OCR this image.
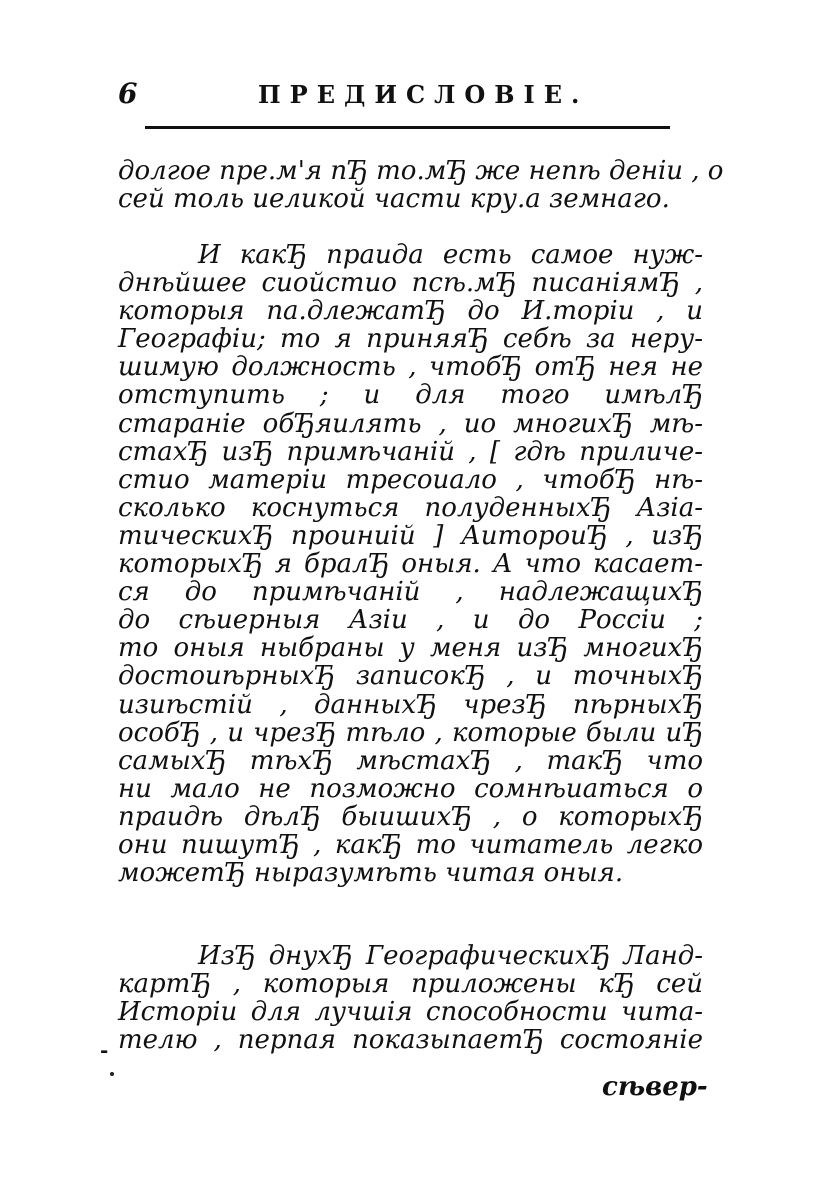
6	ПРЕДИСЛОВІЕ.
долгое пре.м'я пЂ то.мЂ же непѣ деніи , о
сей толь иеликой части кру.а земнаго.
И какЂ праида есть самое нуж-
днѣйшее сиойстио псѣ.мЂ писаніямЂ ,
которыя па.длежатЂ до И.торіи , и
Географіи; то я приняяЂ себѣ за неру-
шимую должность , чтобЂ отЂ нея не
отступить ; и для того имѣлЂ
стараніе обЂяилять , ио многихЂ мѣ-
стахЂ изЂ примѣчаній , [ гдѣ приличе-
стио матеріи тресоиало , чтобЂ нѣ-
сколько коснуться полуденныхЂ Азіа-
тическихЂ проиниій ] АитороиЂ , изЂ
которыхЂ я бралЂ оныя. А что касает-
ся до примѣчаній , надлежащихЂ
до сѣиерныя Азіи , и до Россіи ;
то оныя ныбраны у меня изЂ многихЂ
достоиѣрныхЂ записокЂ , и точныхЂ
изиѣстій , данныхЂ чрезЂ пѣрныхЂ
особЂ , и чрезЂ тѣло , которые были иЂ
самыхЂ тѣхЂ мѣстахЂ , такЂ что
ни мало не позможно сомнѣиаться о
праидѣ дѣлЂ быишихЂ , о которыхЂ
они пишутЂ , какЂ то читатель легко
можетЂ ныразумѣть читая оныя.
ИзЂ днухЂ ГеографическихЂ Ланд-
картЂ , которыя приложены кЂ сей
Исторіи для лучшія способности чита-
телю , перпая показыпаетЂ состояніе
-
сѣвер-
